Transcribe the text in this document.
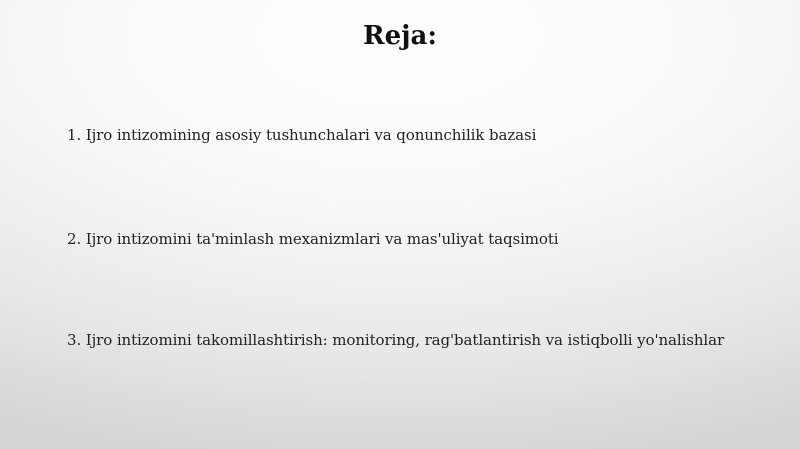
Reja:
1. Ijro intizomining asosiy tushunchalari va qonunchilik bazasi
2. Ijro intizomini ta'minlash mexanizmlari va mas'uliyat taqsimoti
3. Ijro intizomini takomillashtirish: monitoring, rag'batlantirish va istiqbolli yo'nalishlar
